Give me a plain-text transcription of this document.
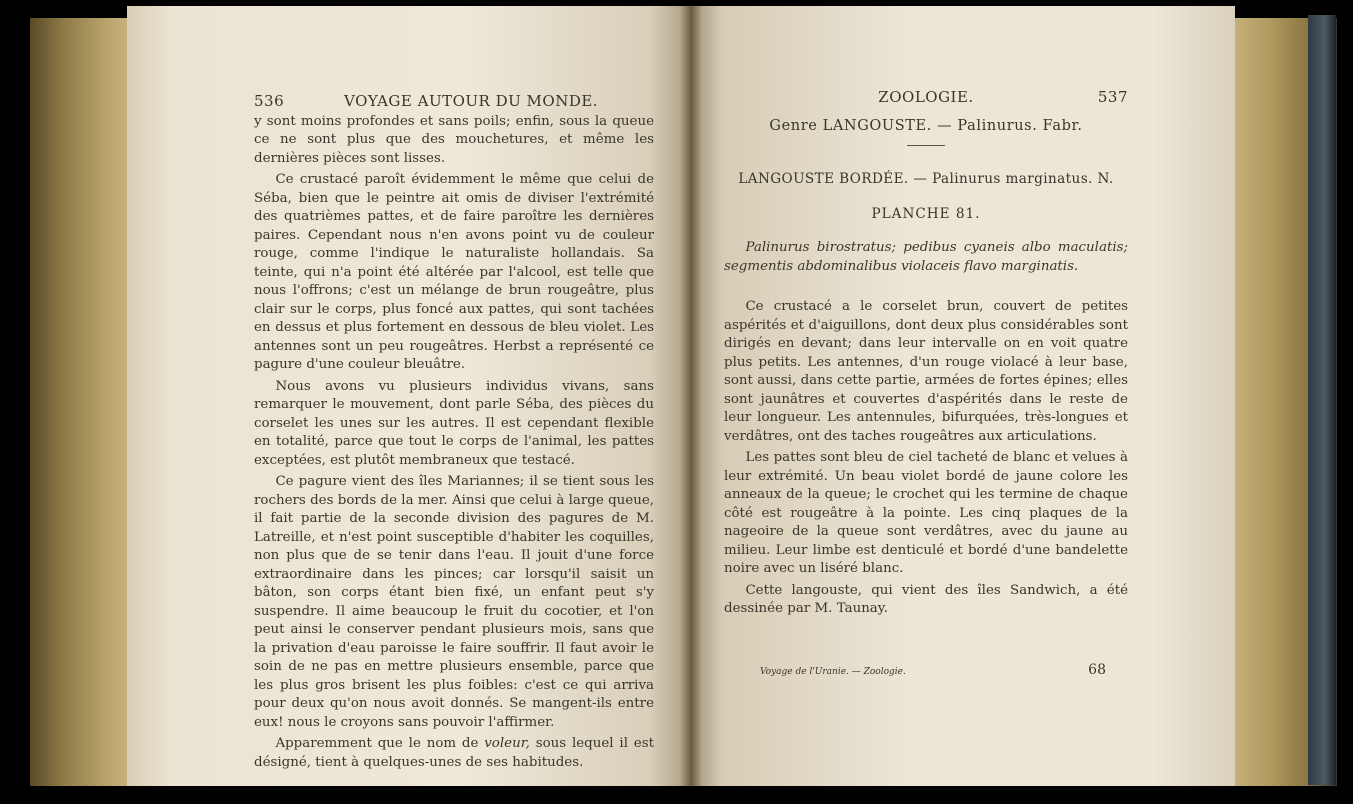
536	VOYAGE AUTOUR DU MONDE.

y sont moins profondes et sans poils; enfin, sous la queue ce ne sont plus que des mouchetures, et même les dernières pièces sont lisses.

Ce crustacé paroît évidemment le même que celui de Séba, bien que le peintre ait omis de diviser l'extrémité des quatrièmes pattes, et de faire paroître les dernières paires. Cependant nous n'en avons point vu de couleur rouge, comme l'indique le naturaliste hollandais. Sa teinte, qui n'a point été altérée par l'alcool, est telle que nous l'offrons; c'est un mélange de brun rougeâtre, plus clair sur le corps, plus foncé aux pattes, qui sont tachées en dessus et plus fortement en dessous de bleu violet. Les antennes sont un peu rougeâtres. Herbst a représenté ce pagure d'une couleur bleuâtre.

Nous avons vu plusieurs individus vivans, sans remarquer le mouvement, dont parle Séba, des pièces du corselet les unes sur les autres. Il est cependant flexible en totalité, parce que tout le corps de l'animal, les pattes exceptées, est plutôt membraneux que testacé.

Ce pagure vient des îles Mariannes; il se tient sous les rochers des bords de la mer. Ainsi que celui à large queue, il fait partie de la seconde division des pagures de M. Latreille, et n'est point susceptible d'habiter les coquilles, non plus que de se tenir dans l'eau. Il jouit d'une force extraordinaire dans les pinces; car lorsqu'il saisit un bâton, son corps étant bien fixé, un enfant peut s'y suspendre. Il aime beaucoup le fruit du cocotier, et l'on peut ainsi le conserver pendant plusieurs mois, sans que la privation d'eau paroisse le faire souffrir. Il faut avoir le soin de ne pas en mettre plusieurs ensemble, parce que les plus gros brisent les plus foibles: c'est ce qui arriva pour deux qu'on nous avoit donnés. Se mangent-ils entre eux! nous le croyons sans pouvoir l'affirmer.

Apparemment que le nom de voleur, sous lequel il est désigné, tient à quelques-unes de ses habitudes.

ZOOLOGIE.	537
Genre LANGOUSTE. — Palinurus. Fabr.
LANGOUSTE BORDÉE. — Palinurus marginatus. N.
PLANCHE 81.

Palinurus birostratus; pedibus cyaneis albo maculatis; segmentis abdominalibus violaceis flavo marginatis.

Ce crustacé a le corselet brun, couvert de petites aspérités et d'aiguillons, dont deux plus considérables sont dirigés en devant; dans leur intervalle on en voit quatre plus petits. Les antennes, d'un rouge violacé à leur base, sont aussi, dans cette partie, armées de fortes épines; elles sont jaunâtres et couvertes d'aspérités dans le reste de leur longueur. Les antennules, bifurquées, très-longues et verdâtres, ont des taches rougeâtres aux articulations.

Les pattes sont bleu de ciel tacheté de blanc et velues à leur extrémité. Un beau violet bordé de jaune colore les anneaux de la queue; le crochet qui les termine de chaque côté est rougeâtre à la pointe. Les cinq plaques de la nageoire de la queue sont verdâtres, avec du jaune au milieu. Leur limbe est denticulé et bordé d'une bandelette noire avec un liséré blanc.

Cette langouste, qui vient des îles Sandwich, a été dessinée par M. Taunay.

Voyage de l'Uranie. — Zoologie.	68
